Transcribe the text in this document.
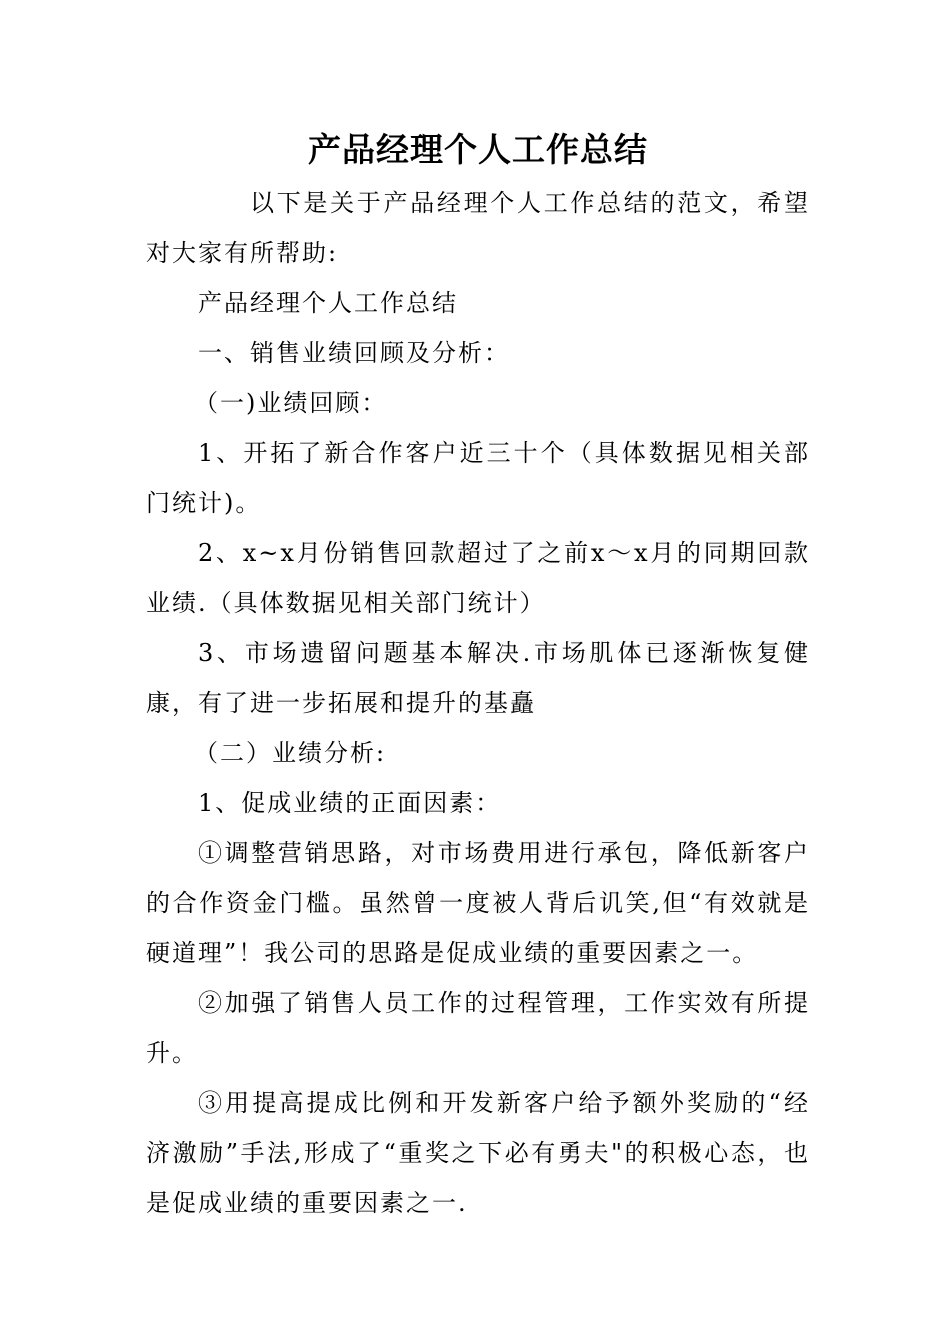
产品经理个人工作总结

以下是关于产品经理个人工作总结的范文，希望对大家有所帮助:

产品经理个人工作总结

一、销售业绩回顾及分析：

（一)业绩回顾：

1、开拓了新合作客户近三十个（具体数据见相关部门统计)。

2、x~x月份销售回款超过了之前x～x月的同期回款业绩.（具体数据见相关部门统计）

3、市场遗留问题基本解决.市场肌体已逐渐恢复健康，有了进一步拓展和提升的基矗

（二）业绩分析:

1、促成业绩的正面因素：

①调整营销思路，对市场费用进行承包，降低新客户的合作资金门槛。虽然曾一度被人背后讥笑,但“有效就是硬道理”！我公司的思路是促成业绩的重要因素之一。

②加强了销售人员工作的过程管理，工作实效有所提升。

③用提高提成比例和开发新客户给予额外奖励的“经济激励”手法,形成了“重奖之下必有勇夫"的积极心态，也是促成业绩的重要因素之一.
